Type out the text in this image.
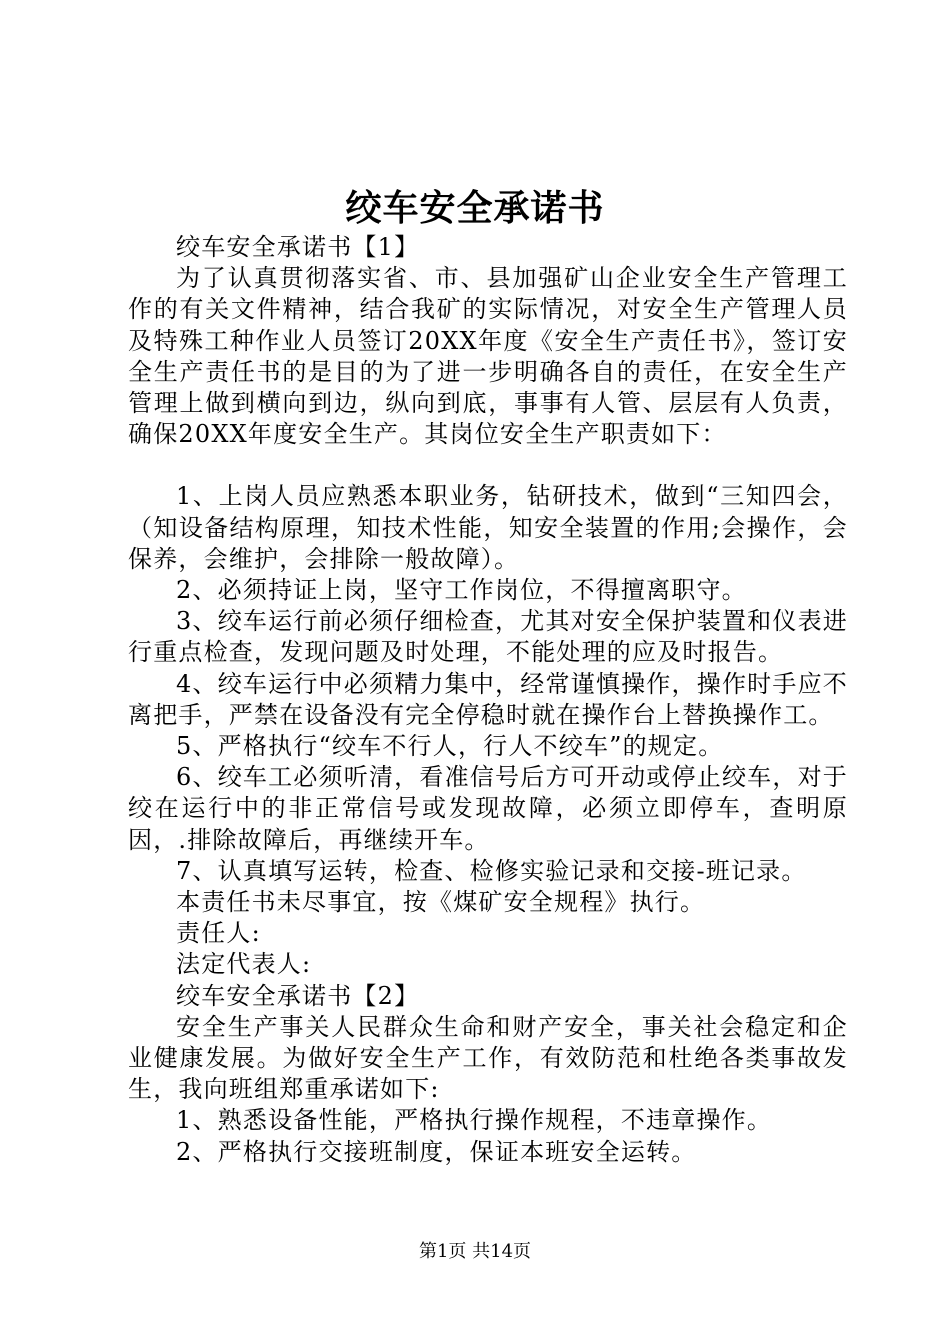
绞车安全承诺书

绞车安全承诺书【1】

为了认真贯彻落实省、市、县加强矿山企业安全生产管理工作的有关文件精神，结合我矿的实际情况，对安全生产管理人员及特殊工种作业人员签订20XX年度《安全生产责任书》，签订安全生产责任书的是目的为了进一步明确各自的责任，在安全生产管理上做到横向到边，纵向到底，事事有人管、层层有人负责，确保20XX年度安全生产。其岗位安全生产职责如下：

1、上岗人员应熟悉本职业务，钻研技术，做到“三知四会，（知设备结构原理，知技术性能，知安全装置的作用;会操作，会保养，会维护，会排除一般故障）。

2、必须持证上岗，坚守工作岗位，不得擅离职守。

3、绞车运行前必须仔细检查，尤其对安全保护装置和仪表进行重点检查，发现问题及时处理，不能处理的应及时报告。

4、绞车运行中必须精力集中，经常谨慎操作，操作时手应不离把手，严禁在设备没有完全停稳时就在操作台上替换操作工。

5、严格执行“绞车不行人，行人不绞车”的规定。

6、绞车工必须听清，看准信号后方可开动或停止绞车，对于绞在运行中的非正常信号或发现故障，必须立即停车，查明原因，.排除故障后，再继续开车。

7、认真填写运转，检查、检修实验记录和交接-班记录。

本责任书未尽事宜，按《煤矿安全规程》执行。

责任人:

法定代表人:

绞车安全承诺书【2】

安全生产事关人民群众生命和财产安全，事关社会稳定和企业健康发展。为做好安全生产工作，有效防范和杜绝各类事故发生，我向班组郑重承诺如下:

1、熟悉设备性能，严格执行操作规程，不违章操作。

2、严格执行交接班制度，保证本班安全运转。

第1页 共14页
